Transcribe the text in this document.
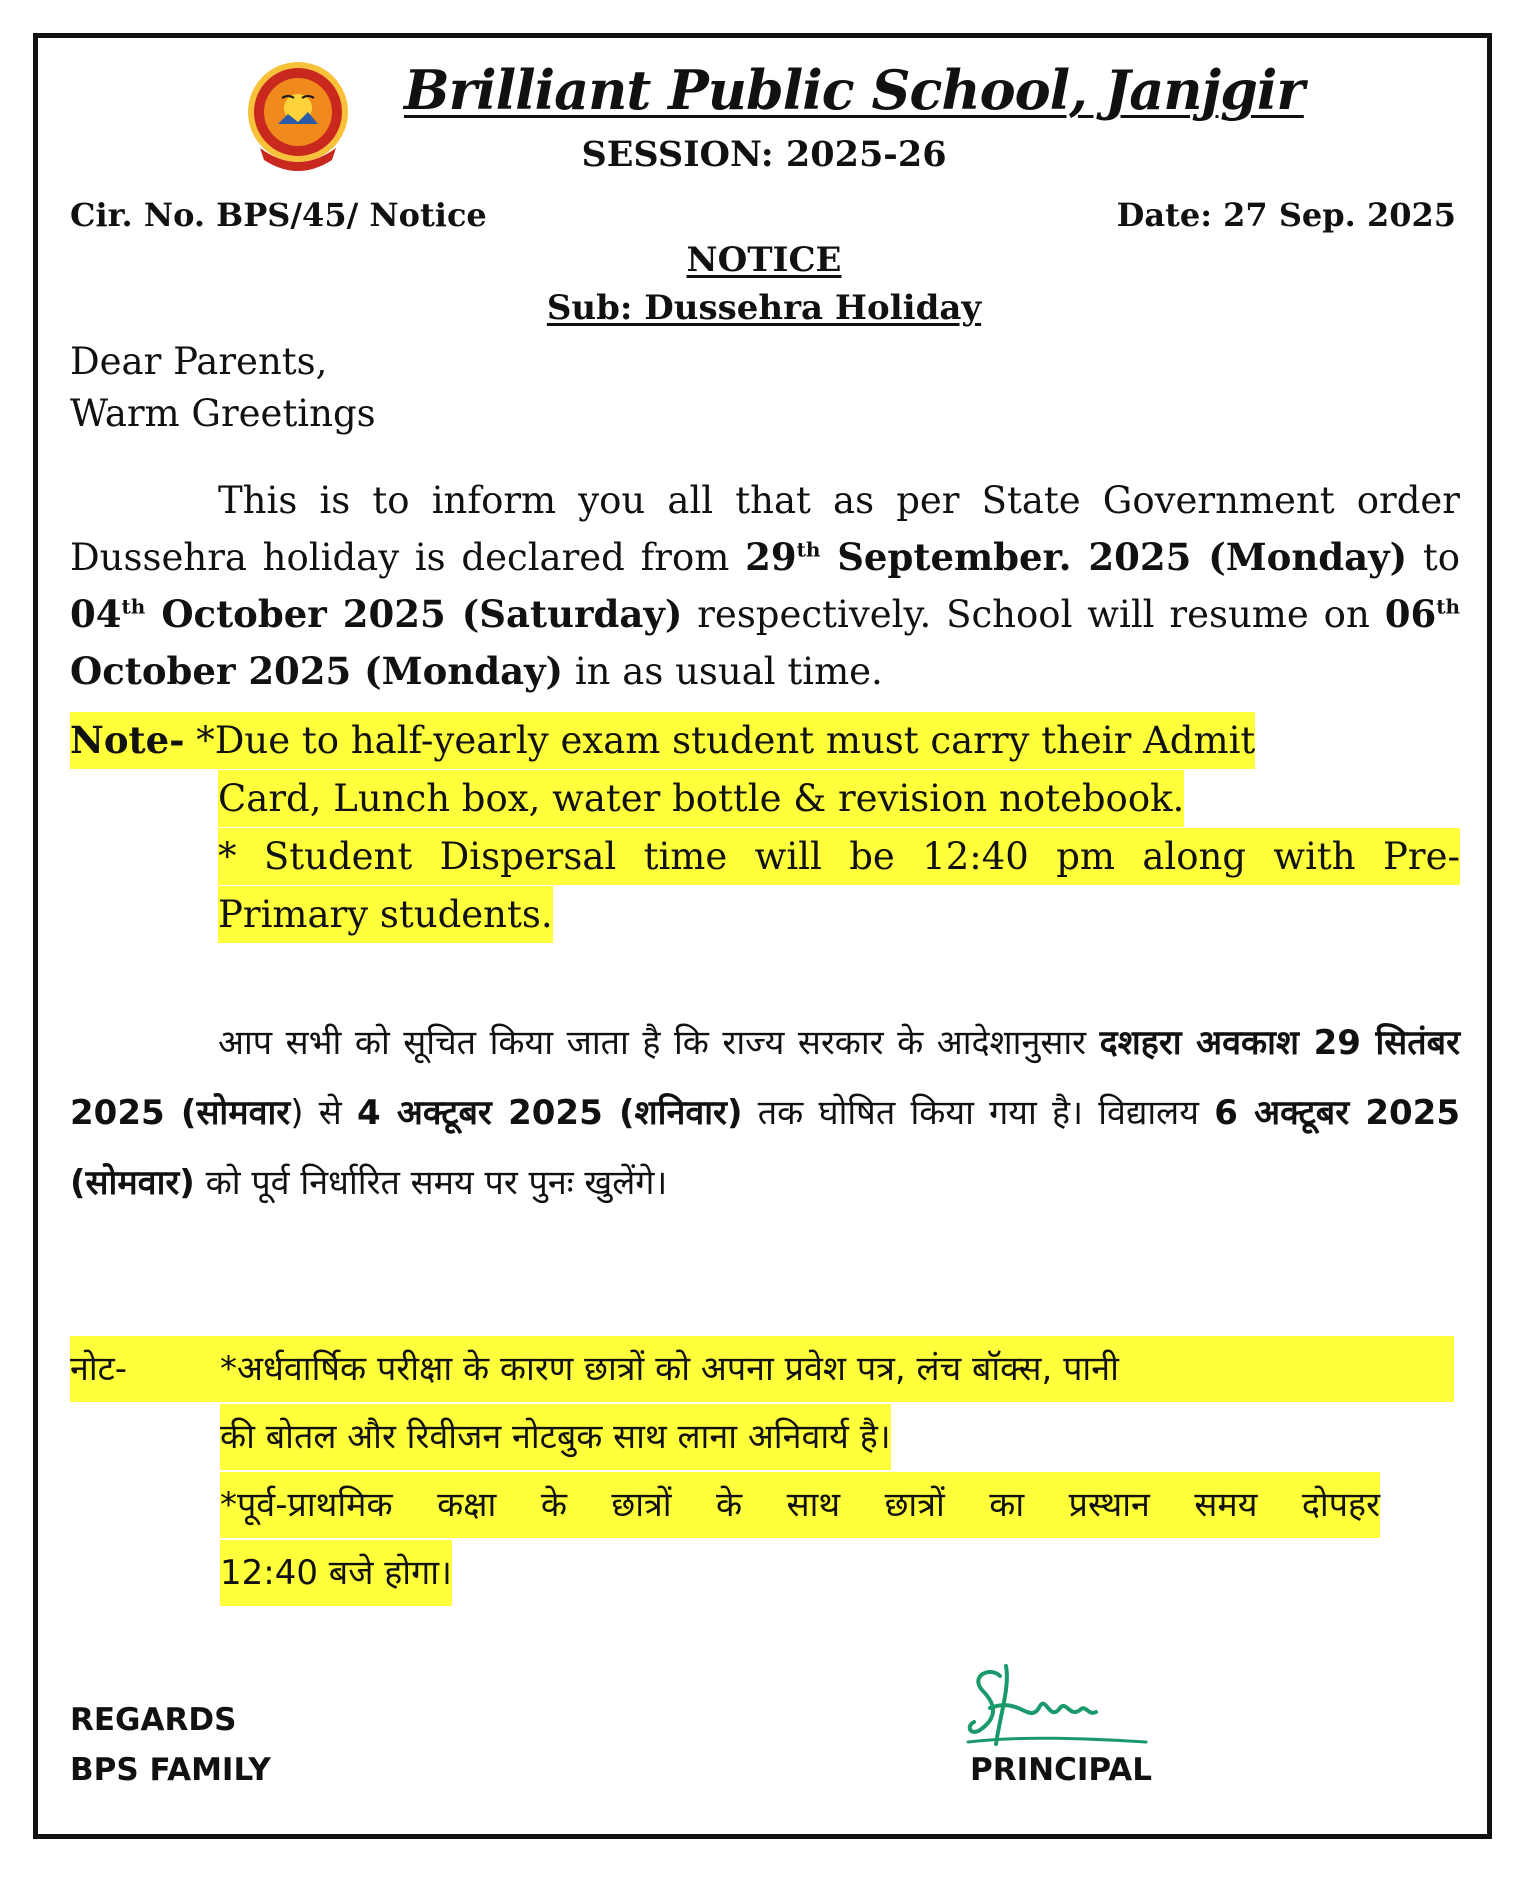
Brilliant Public School, Janjgir
SESSION: 2025-26
Cir. No. BPS/45/ Notice	Date: 27 Sep. 2025
NOTICE
Sub: Dussehra Holiday
Dear Parents,
Warm Greetings
This is to inform you all that as per State Government order Dussehra holiday is declared from 29th September. 2025 (Monday) to 04th October 2025 (Saturday) respectively. School will resume on 06th October 2025 (Monday) in as usual time.
Note- *Due to half-yearly exam student must carry their Admit
Card, Lunch box, water bottle & revision notebook.
* Student Dispersal time will be 12:40 pm along with Pre-
Primary students.
आप सभी को सूचित किया जाता है कि राज्य सरकार के आदेशानुसार दशहरा अवकाश 29 सितंबर 2025 (सोमवार) से 4 अक्टूबर 2025 (शनिवार) तक घोषित किया गया है। विद्यालय 6 अक्टूबर 2025 (सोमवार) को पूर्व निर्धारित समय पर पुनः खुलेंगे।
नोट-	*अर्धवार्षिक परीक्षा के कारण छात्रों को अपना प्रवेश पत्र, लंच बॉक्स, पानी
की बोतल और रिवीजन नोटबुक साथ लाना अनिवार्य है।
*पूर्व-प्राथमिक कक्षा के छात्रों के साथ छात्रों का प्रस्थान समय दोपहर
12:40 बजे होगा।
REGARDS
BPS FAMILY	PRINCIPAL
